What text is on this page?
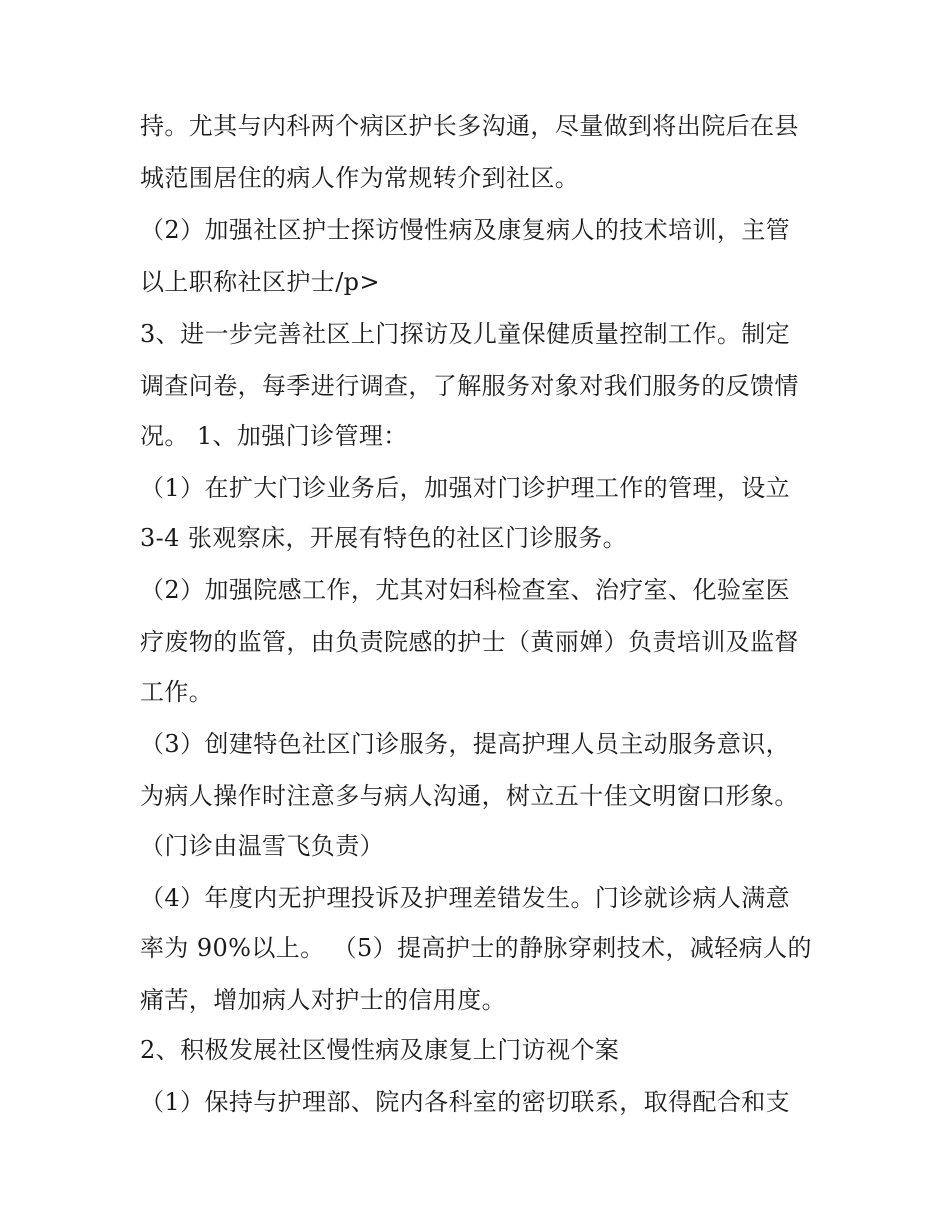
持。尤其与内科两个病区护长多沟通，尽量做到将出院后在县

城范围居住的病人作为常规转介到社区。

（2）加强社区护士探访慢性病及康复病人的技术培训，主管

以上职称社区护士/p>

3、进一步完善社区上门探访及儿童保健质量控制工作。制定

调查问卷，每季进行调查，了解服务对象对我们服务的反馈情

况。 1、加强门诊管理：

（1）在扩大门诊业务后，加强对门诊护理工作的管理，设立

3-4 张观察床，开展有特色的社区门诊服务。

（2）加强院感工作，尤其对妇科检查室、治疗室、化验室医

疗废物的监管，由负责院感的护士（黄丽婵）负责培训及监督

工作。

（3）创建特色社区门诊服务，提高护理人员主动服务意识，

为病人操作时注意多与病人沟通，树立五十佳文明窗口形象。

（门诊由温雪飞负责）

（4）年度内无护理投诉及护理差错发生。门诊就诊病人满意

率为 90%以上。 （5）提高护士的静脉穿刺技术，减轻病人的

痛苦，增加病人对护士的信用度。

2、积极发展社区慢性病及康复上门访视个案

（1）保持与护理部、院内各科室的密切联系，取得配合和支
